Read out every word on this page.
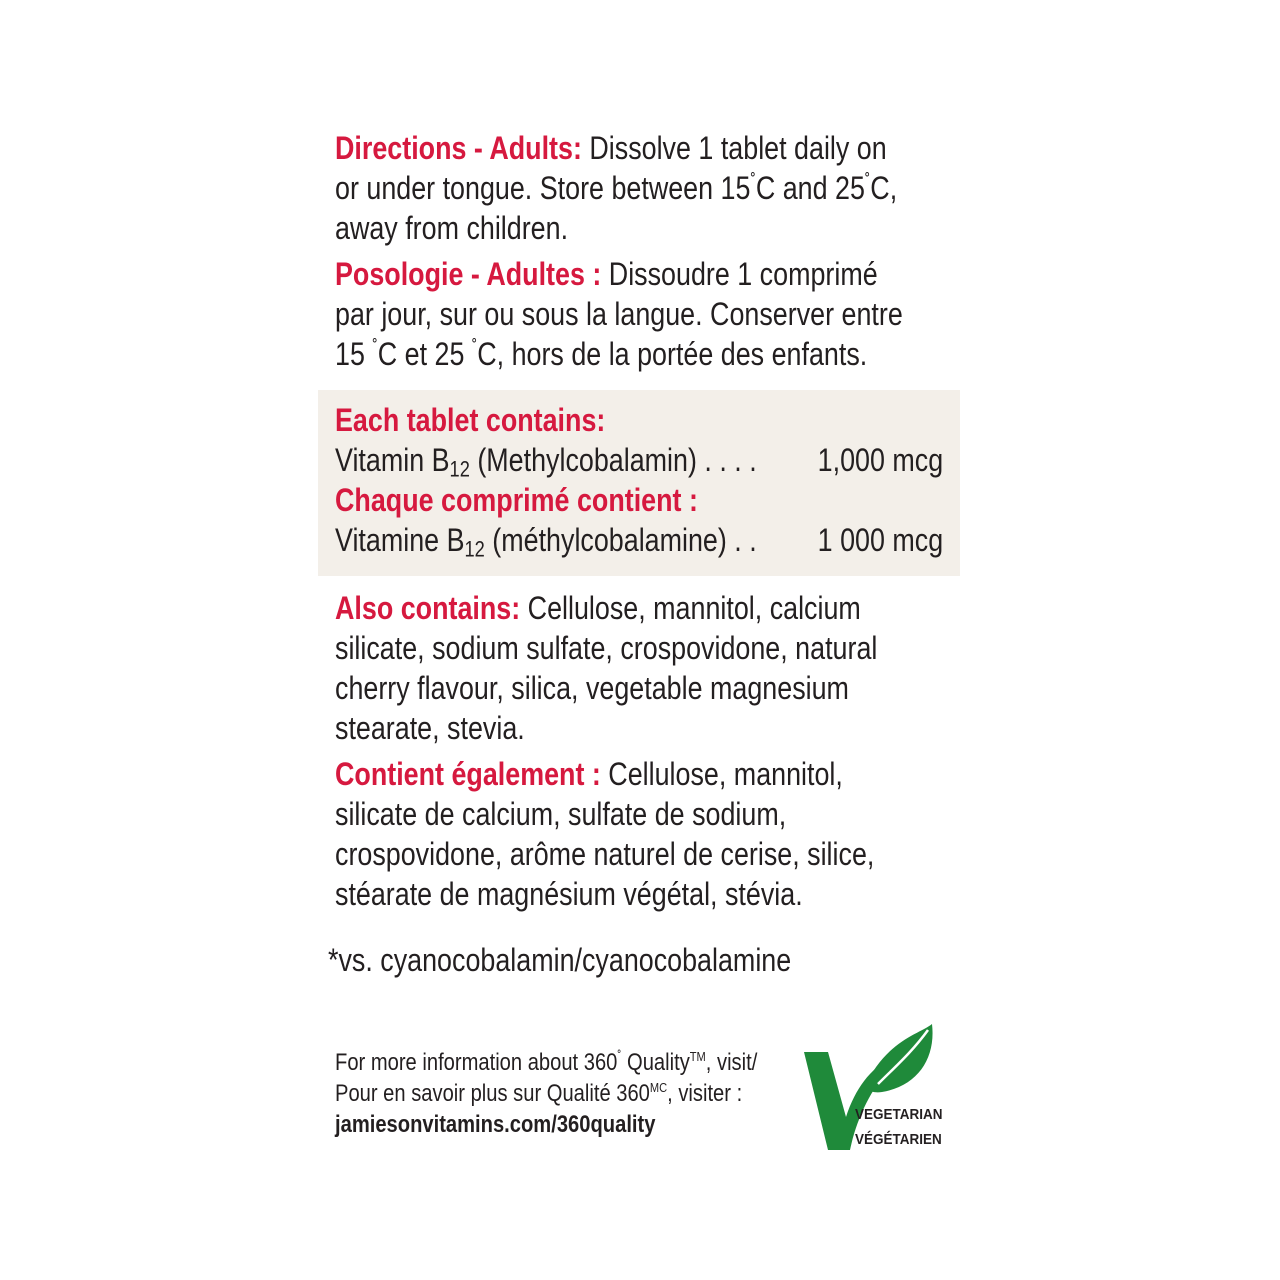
Directions - Adults: Dissolve 1 tablet daily on
or under tongue. Store between 15˚C and 25˚C,
away from children.
Posologie - Adultes : Dissoudre 1 comprimé
par jour, sur ou sous la langue. Conserver entre
15 ˚C et 25 ˚C, hors de la portée des enfants.
Each tablet contains:
Vitamin $B_{12}$ (Methylcobalamin) . . . . 1,000 mcg
Chaque comprimé contient :
Vitamine $B_{12}$ (méthylcobalamine) . . 1 000 mcg
Also contains: Cellulose, mannitol, calcium
silicate, sodium sulfate, crospovidone, natural
cherry flavour, silica, vegetable magnesium
stearate, stevia.
Contient également : Cellulose, mannitol,
silicate de calcium, sulfate de sodium,
crospovidone, arôme naturel de cerise, silice,
stéarate de magnésium végétal, stévia.
*vs. cyanocobalamin/cyanocobalamine
For more information about 360˚ Quality™, visit/
Pour en savoir plus sur Qualité $360^{MC}$, visiter :
jamiesonvitamins.com/360quality	VEGETARIAN
VÉGÉTARIEN
